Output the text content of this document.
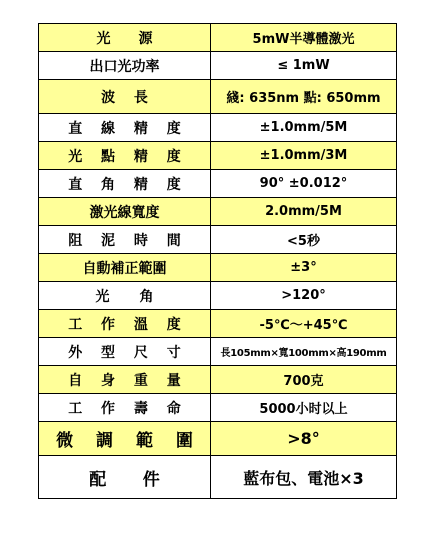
光　源	5mW半導體激光
出口光功率	≤ 1mW
波 長	綫: 635nm 點: 650mm
直 線 精 度	±1.0mm/5M
光 點 精 度	±1.0mm/3M
直 角 精 度	90° ±0.012°
激光線寬度	2.0mm/5M
阻 泥 時 間	<5秒
自動補正範圍	±3°
光 角	>120°
工 作 溫 度	-5℃～+45℃
外 型 尺 寸	長105mm×寬100mm×高190mm
自 身 重 量	700克
工 作 壽 命	5000小时以上
微 調 範 圍	>8°
配 件	藍布包、電池×3
